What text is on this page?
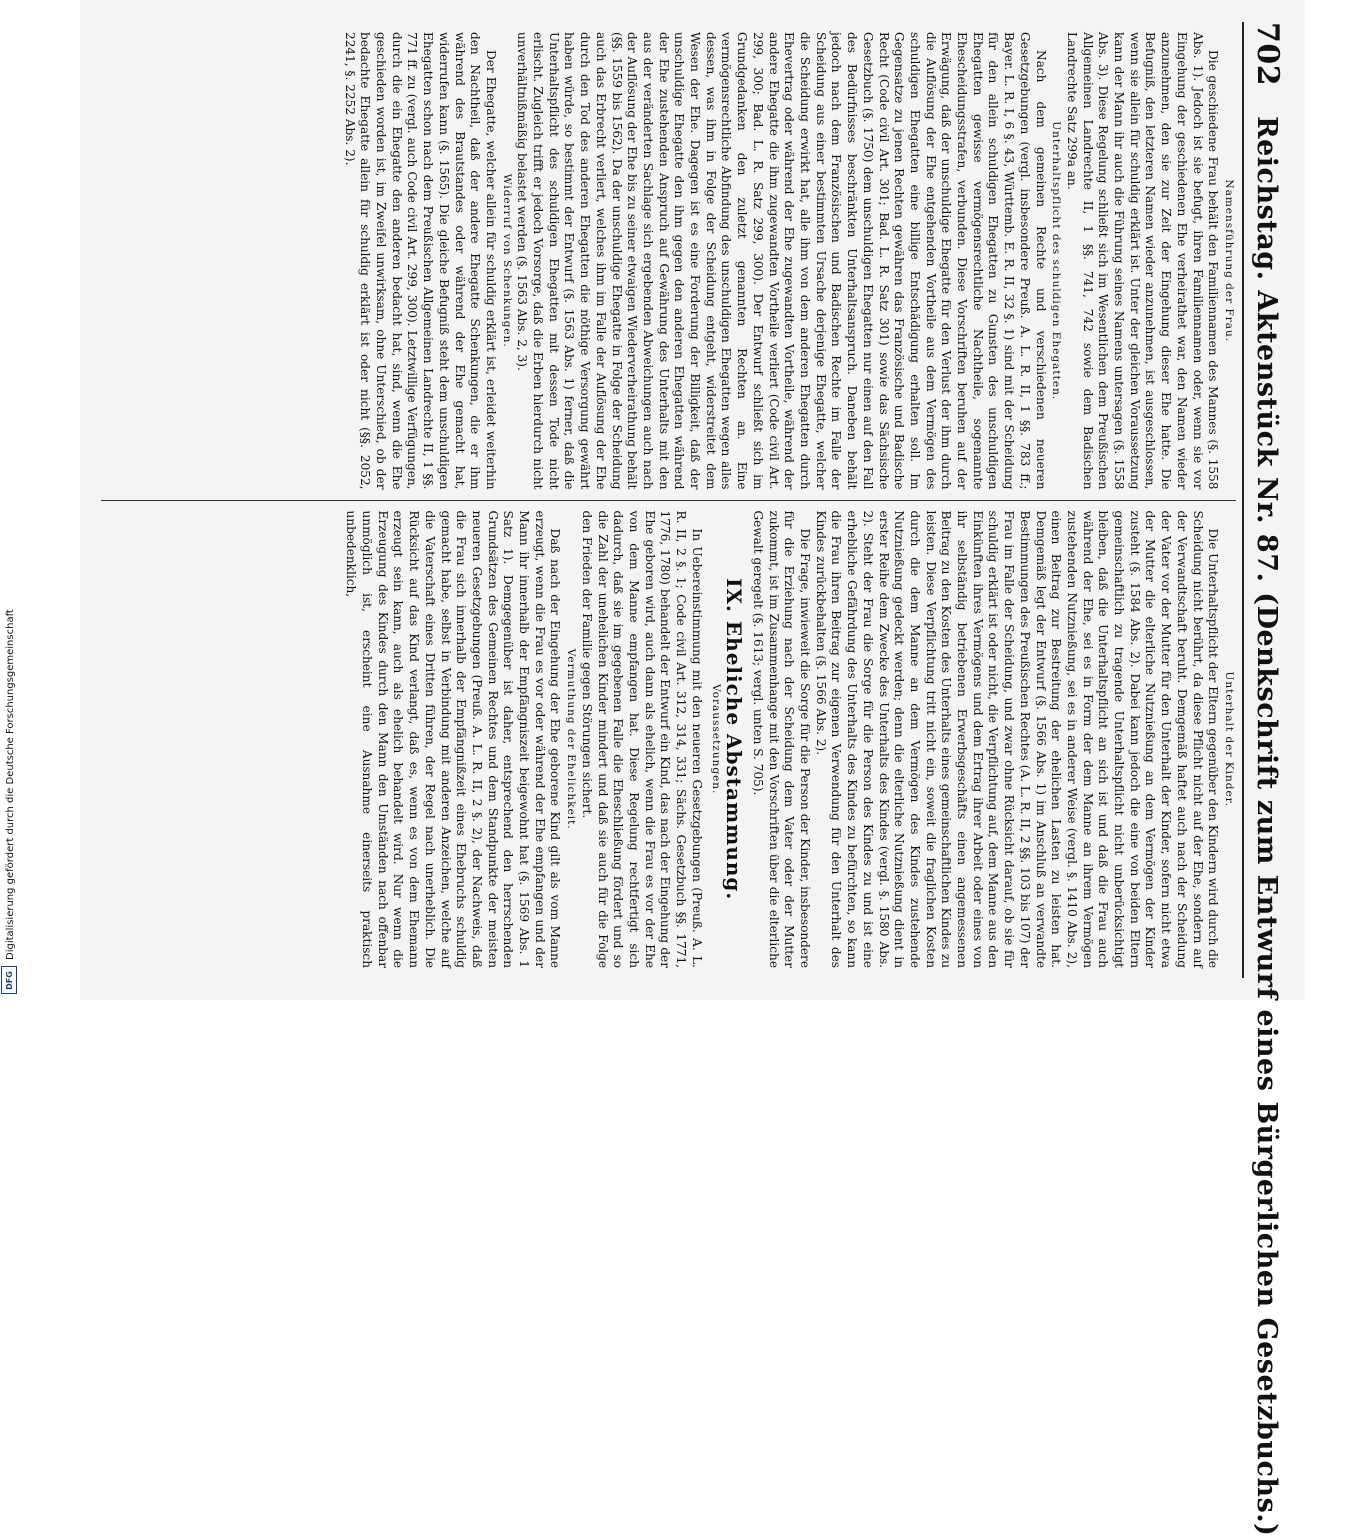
Digitalisierung gefördert durch die Deutsche Forschungsgemeinschaft
DFG
702
Reichstag. Aktenstück Nr. 87. (Denkschrift zum Entwurf eines Bürgerlichen Gesetzbuchs.)

Namensführung der Frau.

Die geschiedene Frau behält den Familiennamen des Mannes (§. 1558 Abs. 1). Jedoch ist sie befugt, ihren Familiennamen oder, wenn sie vor Eingehung der geschiedenen Ehe verheirathet war, den Namen wieder anzunehmen, den sie zur Zeit der Eingehung dieser Ehe hatte. Die Befugniß, den letzteren Namen wieder anzunehmen, ist ausgeschlossen, wenn sie allein für schuldig erklärt ist. Unter der gleichen Voraussetzung kann der Mann ihr auch die Führung seines Namens untersagen (§. 1558 Abs. 3). Diese Regelung schließt sich im Wesentlichen dem Preußischen Allgemeinen Landrechte II, 1 §§. 741, 742 sowie dem Badischen Landrechte Satz 299a an.

Unterhaltspflicht des schuldigen Ehegatten.

Nach dem gemeinen Rechte und verschiedenen neueren Gesetzgebungen (vergl. insbesondere Preuß. A. L. R. II, 1 §§. 783 ff.; Bayer. L. R. I, 6 §. 43, Württemb. E. R. II, 32 §. 1) sind mit der Scheidung für den allein schuldigen Ehegatten zu Gunsten des unschuldigen Ehegatten gewisse vermögensrechtliche Nachtheile, sogenannte Ehescheidungsstrafen, verbunden. Diese Vorschriften beruhen auf der Erwägung, daß der unschuldige Ehegatte für den Verlust der ihm durch die Auflösung der Ehe entgehenden Vortheile aus dem Vermögen des schuldigen Ehegatten eine billige Entschädigung erhalten soll. Im Gegensatze zu jenen Rechten gewähren das Französische und Badische Recht (Code civil Art. 301; Bad. L. R. Satz 301) sowie das Sächsische Gesetzbuch (§. 1750) dem unschuldigen Ehegatten nur einen auf den Fall des Bedürfnisses beschränkten Unterhaltsanspruch. Daneben behält jedoch nach dem Französischen und Badischen Rechte im Falle der Scheidung aus einer bestimmten Ursache derjenige Ehegatte, welcher die Scheidung erwirkt hat, alle ihm von dem anderen Ehegatten durch Ehevertrag oder während der Ehe zugewandten Vortheile, während der andere Ehegatte die ihm zugewandten Vortheile verliert (Code civil Art. 299, 300; Bad. L. R. Satz 299, 300). Der Entwurf schließt sich im Grundgedanken den zuletzt genannten Rechten an. Eine vermögensrechtliche Abfindung des unschuldigen Ehegatten wegen alles dessen, was ihm in Folge der Scheidung entgeht, widerstreitet dem Wesen der Ehe. Dagegen ist es eine Forderung der Billigkeit, daß der unschuldige Ehegatte den ihm gegen den anderen Ehegatten während der Ehe zustehenden Anspruch auf Gewährung des Unterhalts mit den aus der veränderten Sachlage sich ergebenden Abweichungen auch nach der Auflösung der Ehe bis zu seiner etwaigen Wiederverheirathung behält (§§. 1559 bis 1562). Da der unschuldige Ehegatte in Folge der Scheidung auch das Erbrecht verliert, welches ihm im Falle der Auflösung der Ehe durch den Tod des anderen Ehegatten die nöthige Versorgung gewährt haben würde, so bestimmt der Entwurf (§. 1563 Abs. 1) ferner, daß die Unterhaltspflicht des schuldigen Ehegatten mit dessen Tode nicht erlischt. Zugleich trifft er jedoch Vorsorge, daß die Erben hierdurch nicht unverhältnißmäßig belastet werden (§. 1563 Abs. 2, 3).

Widerruf von Schenkungen.

Der Ehegatte, welcher allein für schuldig erklärt ist, erleidet weiterhin den Nachtheil, daß der andere Ehegatte Schenkungen, die er ihm während des Brautstandes oder während der Ehe gemacht hat, widerrufen kann (§. 1565). Die gleiche Befugniß steht dem unschuldigen Ehegatten schon nach dem Preußischen Allgemeinen Landrechte II, 1 §§. 771 ff. zu (vergl. auch Code civil Art. 299, 300). Letztwillige Verfügungen, durch die ein Ehegatte den anderen bedacht hat, sind, wenn die Ehe geschieden worden ist, im Zweifel unwirksam, ohne Unterschied, ob der bedachte Ehegatte allein für schuldig erklärt ist oder nicht (§§. 2052, 2241, §. 2252 Abs. 2).

Unterhalt der Kinder.

Die Unterhaltspflicht der Eltern gegenüber den Kindern wird durch die Scheidung nicht berührt, da diese Pflicht nicht auf der Ehe, sondern auf der Verwandtschaft beruht. Demgemäß haftet auch nach der Scheidung der Vater vor der Mutter für den Unterhalt der Kinder, sofern nicht etwa der Mutter die elterliche Nutznießung an dem Vermögen der Kinder zusteht (§. 1584 Abs. 2). Dabei kann jedoch die eine von beiden Eltern gemeinschaftlich zu tragende Unterhaltspflicht nicht unberücksichtigt bleiben, daß die Unterhaltspflicht an sich ist und daß die Frau auch während der Ehe, sei es in Form der dem Manne an ihrem Vermögen zustehenden Nutznießung, sei es in anderer Weise (vergl. §. 1410 Abs. 2), einen Beitrag zur Bestreitung der ehelichen Lasten zu leisten hat. Demgemäß legt der Entwurf (§. 1566 Abs. 1) im Anschluß an verwandte Bestimmungen des Preußischen Rechtes (A. L. R. II, 2 §§. 103 bis 107) der Frau im Falle der Scheidung, und zwar ohne Rücksicht darauf, ob sie für schuldig erklärt ist oder nicht, die Verpflichtung auf, dem Manne aus den Einkünften ihres Vermögens und dem Ertrag ihrer Arbeit oder eines von ihr selbständig betriebenen Erwerbsgeschäfts einen angemessenen Beitrag zu den Kosten des Unterhalts eines gemeinschaftlichen Kindes zu leisten. Diese Verpflichtung tritt nicht ein, soweit die fraglichen Kosten durch die dem Manne an dem Vermögen des Kindes zustehende Nutznießung gedeckt werden; denn die elterliche Nutznießung dient in erster Reihe dem Zwecke des Unterhalts des Kindes (vergl. §. 1580 Abs. 2). Steht der Frau die Sorge für die Person des Kindes zu und ist eine erhebliche Gefährdung des Unterhalts des Kindes zu befürchten, so kann die Frau ihren Beitrag zur eigenen Verwendung für den Unterhalt des Kindes zurückbehalten (§. 1566 Abs. 2).

Die Frage, inwieweit die Sorge für die Person der Kinder, insbesondere für die Erziehung nach der Scheidung dem Vater oder der Mutter zukommt, ist im Zusammenhange mit den Vorschriften über die elterliche Gewalt geregelt (§. 1613; vergl. unten S. 705).

IX. Eheliche Abstammung.
Voraussetzungen.

In Uebereinstimmung mit den neueren Gesetzgebungen (Preuß. A. L. R. II, 2 §. 1; Code civil Art. 312, 314, 331; Sächs. Gesetzbuch §§. 1771, 1776, 1780) behandelt der Entwurf ein Kind, das nach der Eingehung der Ehe geboren wird, auch dann als ehelich, wenn die Frau es vor der Ehe von dem Manne empfangen hat. Diese Regelung rechtfertigt sich dadurch, daß sie im gegebenen Falle die Eheschließung fördert und so die Zahl der unehelichen Kinder mindert und daß sie auch für die Folge den Frieden der Familie gegen Störungen sichert.

Vermuthung der Ehelichkeit.

Daß nach der Eingehung der Ehe geborene Kind gilt als vom Manne erzeugt, wenn die Frau es vor oder während der Ehe empfangen und der Mann ihr innerhalb der Empfängniszeit beigewohnt hat (§. 1569 Abs. 1 Satz 1). Demgegenüber ist daher, entsprechend den herrschenden Grundsätzen des Gemeinen Rechtes und dem Standpunkte der meisten neueren Gesetzgebungen (Preuß. A. L. R. II, 2 §. 2), der Nachweis, daß die Frau sich innerhalb der Empfängnißzeit eines Ehebruchs schuldig gemacht habe, selbst in Verbindung mit anderen Anzeichen, welche auf die Vaterschaft eines Dritten führen, der Regel nach unerheblich. Die Rücksicht auf das Kind verlangt, daß es, wenn es von dem Ehemann erzeugt sein kann, auch als ehelich behandelt wird. Nur wenn die Erzeugung des Kindes durch den Mann den Umständen nach offenbar unmöglich ist, erscheint eine Ausnahme einerseits praktisch unbedenklich,
